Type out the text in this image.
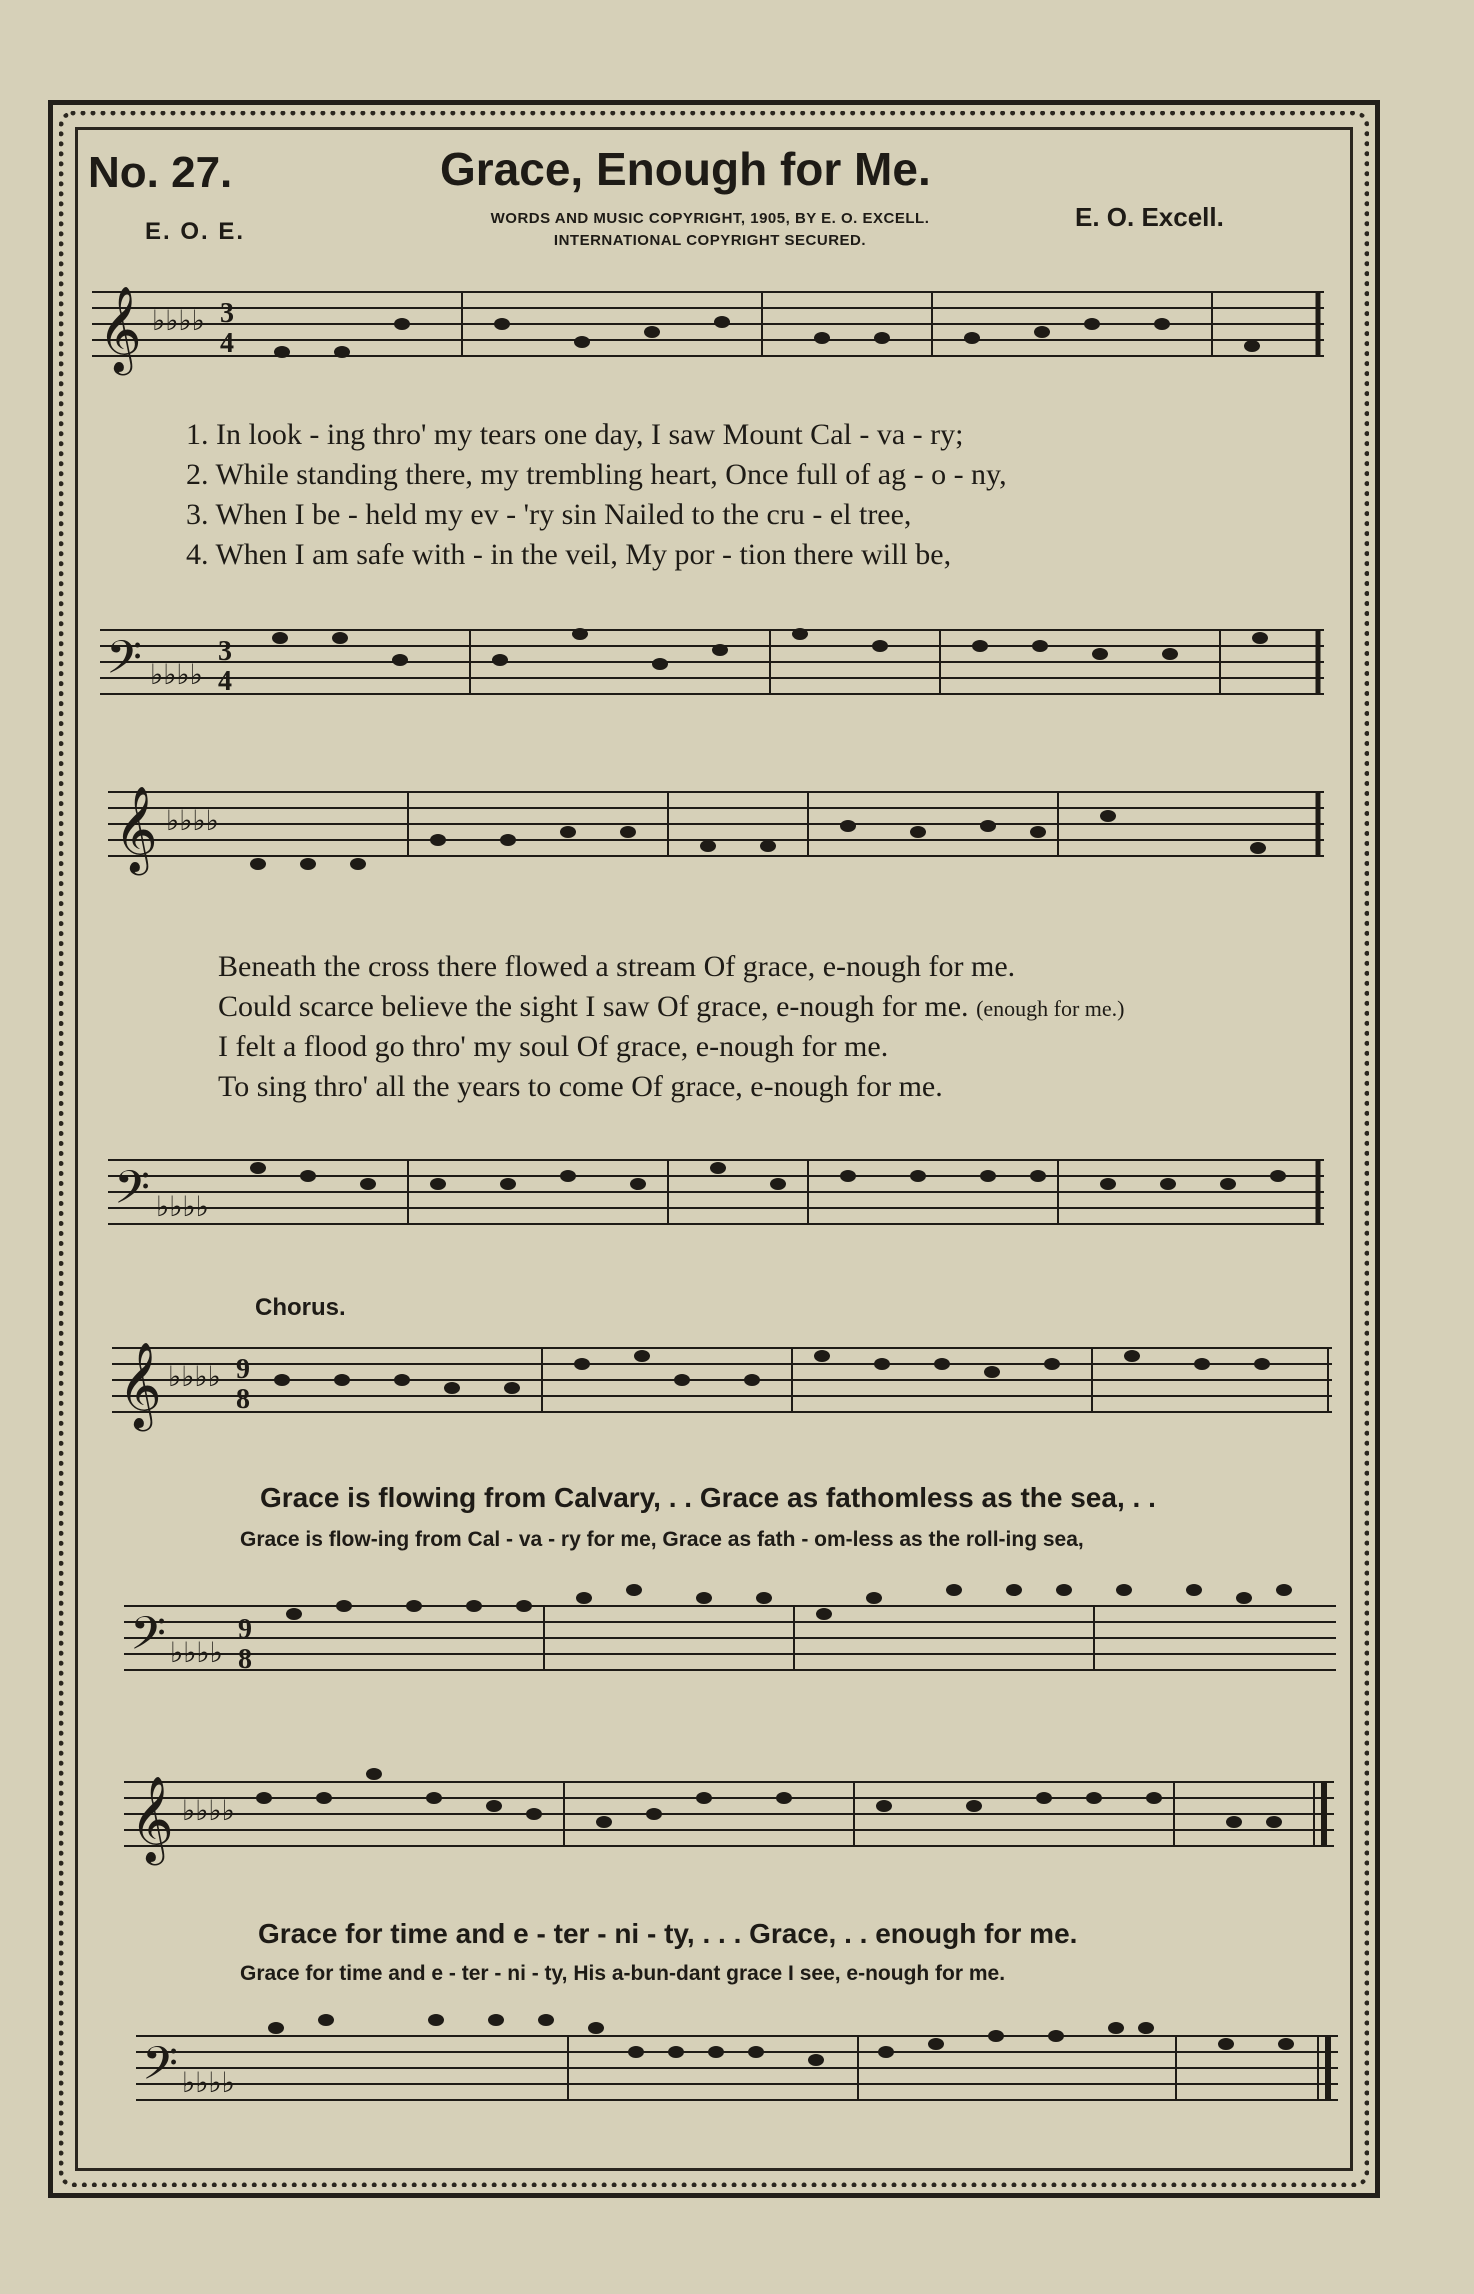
No. 27.	Grace, Enough for Me.
E. O. E.	E. O. Excell.
WORDS AND MUSIC COPYRIGHT, 1905, BY E. O. EXCELL.
INTERNATIONAL COPYRIGHT SECURED.
𝄞 ♭♭♭♭ 3
4
1. In look - ing thro' my tears one day, I saw Mount Cal - va - ry;
2. While standing there, my trembling heart, Once full of ag - o - ny,
3. When I be - held my ev - 'ry sin Nailed to the cru - el tree,
4. When I am safe with - in the veil, My por - tion there will be,
𝄢 ♭♭♭♭
3
4
𝄞 ♭♭♭♭
Beneath the cross there flowed a stream Of grace, e-nough for me.
Could scarce believe the sight I saw Of grace, e-nough for me. (enough for me.)
I felt a flood go thro' my soul Of grace, e-nough for me.
To sing thro' all the years to come Of grace, e-nough for me.
𝄢 ♭♭♭♭
Chorus.
𝄞 ♭♭♭♭ 9
8
Grace is flowing from Calvary, . . Grace as fathomless as the sea, . .
Grace is flow-ing from Cal - va - ry for me, Grace as fath - om-less as the roll-ing sea,
𝄢 ♭♭♭♭
9
8
𝄞 ♭♭♭♭
Grace for time and e - ter - ni - ty, . . . Grace, . . enough for me.
Grace for time and e - ter - ni - ty, His a-bun-dant grace I see, e-nough for me.
𝄢 ♭♭♭♭
